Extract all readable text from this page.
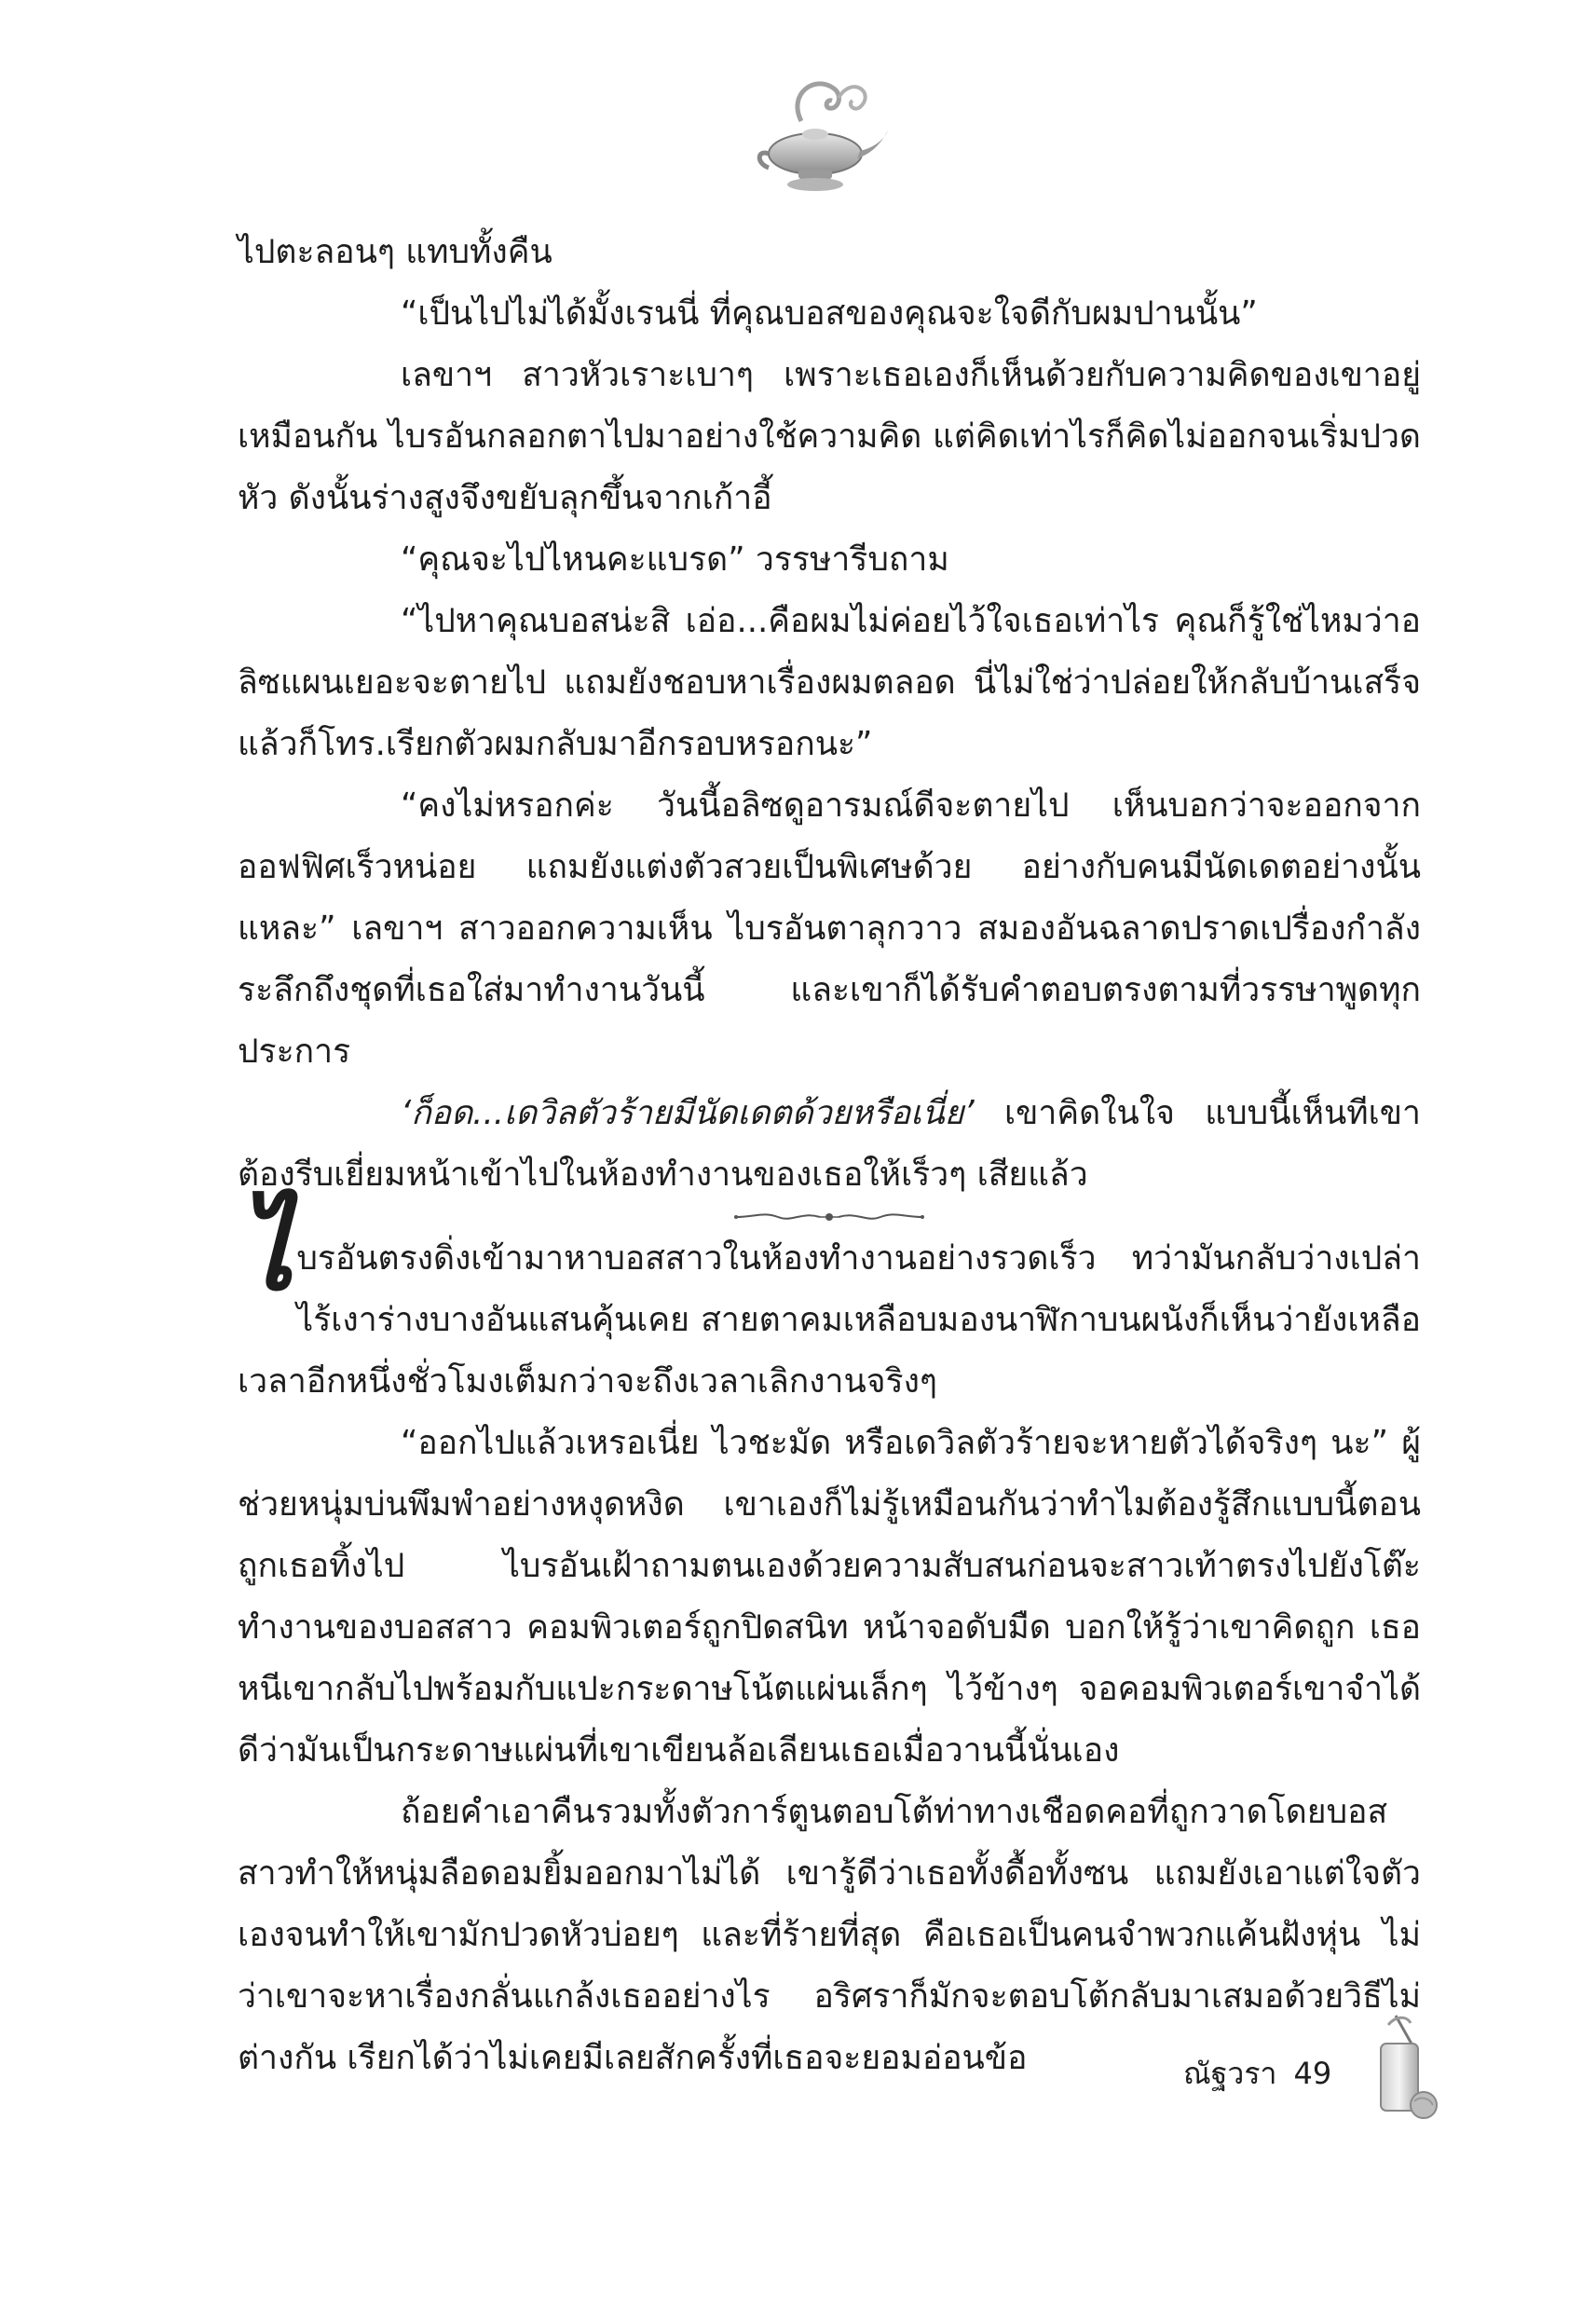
ไปตะลอนๆ แทบทั้งคืน

“เป็นไปไม่ได้มั้งเรนนี่ ที่คุณบอสของคุณจะใจดีกับผมปานนั้น”

เลขาฯ สาวหัวเราะเบาๆ เพราะเธอเองก็เห็นด้วยกับความคิดของเขาอยู่เหมือนกัน ไบรอันกลอกตาไปมาอย่างใช้ความคิด แต่คิดเท่าไรก็คิดไม่ออกจนเริ่มปวดหัว ดังนั้นร่างสูงจึงขยับลุกขึ้นจากเก้าอี้

“คุณจะไปไหนคะแบรด” วรรษารีบถาม

“ไปหาคุณบอสน่ะสิ เอ่อ...คือผมไม่ค่อยไว้ใจเธอเท่าไร คุณก็รู้ใช่ไหมว่าอลิซแผนเยอะจะตายไป แถมยังชอบหาเรื่องผมตลอด นี่ไม่ใช่ว่าปล่อยให้กลับบ้านเสร็จแล้วก็โทร.เรียกตัวผมกลับมาอีกรอบหรอกนะ”

“คงไม่หรอกค่ะ วันนี้อลิซดูอารมณ์ดีจะตายไป เห็นบอกว่าจะออกจากออฟฟิศเร็วหน่อย แถมยังแต่งตัวสวยเป็นพิเศษด้วย อย่างกับคนมีนัดเดตอย่างนั้นแหละ” เลขาฯ สาวออกความเห็น ไบรอันตาลุกวาว สมองอันฉลาดปราดเปรื่องกำลังระลึกถึงชุดที่เธอใส่มาทำงานวันนี้ และเขาก็ได้รับคำตอบตรงตามที่วรรษาพูดทุกประการ

‘ก็อด...เดวิลตัวร้ายมีนัดเดตด้วยหรือเนี่ย’ เขาคิดในใจ แบบนี้เห็นทีเขาต้องรีบเยี่ยมหน้าเข้าไปในห้องทำงานของเธอให้เร็วๆ เสียแล้ว

ไบรอันตรงดิ่งเข้ามาหาบอสสาวในห้องทำงานอย่างรวดเร็ว ทว่ามันกลับว่างเปล่า ไร้เงาร่างบางอันแสนคุ้นเคย สายตาคมเหลือบมองนาฬิกาบนผนังก็เห็นว่ายังเหลือเวลาอีกหนึ่งชั่วโมงเต็มกว่าจะถึงเวลาเลิกงานจริงๆ

“ออกไปแล้วเหรอเนี่ย ไวชะมัด หรือเดวิลตัวร้ายจะหายตัวได้จริงๆ นะ” ผู้ช่วยหนุ่มบ่นพึมพำอย่างหงุดหงิด เขาเองก็ไม่รู้เหมือนกันว่าทำไมต้องรู้สึกแบบนี้ตอนถูกเธอทิ้งไป ไบรอันเฝ้าถามตนเองด้วยความสับสนก่อนจะสาวเท้าตรงไปยังโต๊ะทำงานของบอสสาว คอมพิวเตอร์ถูกปิดสนิท หน้าจอดับมืด บอกให้รู้ว่าเขาคิดถูก เธอหนีเขากลับไปพร้อมกับแปะกระดาษโน้ตแผ่นเล็กๆ ไว้ข้างๆ จอคอมพิวเตอร์เขาจำได้ดีว่ามันเป็นกระดาษแผ่นที่เขาเขียนล้อเลียนเธอเมื่อวานนี้นั่นเอง

ถ้อยคำเอาคืนรวมทั้งตัวการ์ตูนตอบโต้ท่าทางเชือดคอที่ถูกวาดโดยบอสสาวทำให้หนุ่มลือดอมยิ้มออกมาไม่ได้ เขารู้ดีว่าเธอทั้งดื้อทั้งซน แถมยังเอาแต่ใจตัวเองจนทำให้เขามักปวดหัวบ่อยๆ และที่ร้ายที่สุด คือเธอเป็นคนจำพวกแค้นฝังหุ่น ไม่ว่าเขาจะหาเรื่องกลั่นแกล้งเธออย่างไร อริศราก็มักจะตอบโต้กลับมาเสมอด้วยวิธีไม่ต่างกัน เรียกได้ว่าไม่เคยมีเลยสักครั้งที่เธอจะยอมอ่อนข้อ	ณัฐวรา 49
